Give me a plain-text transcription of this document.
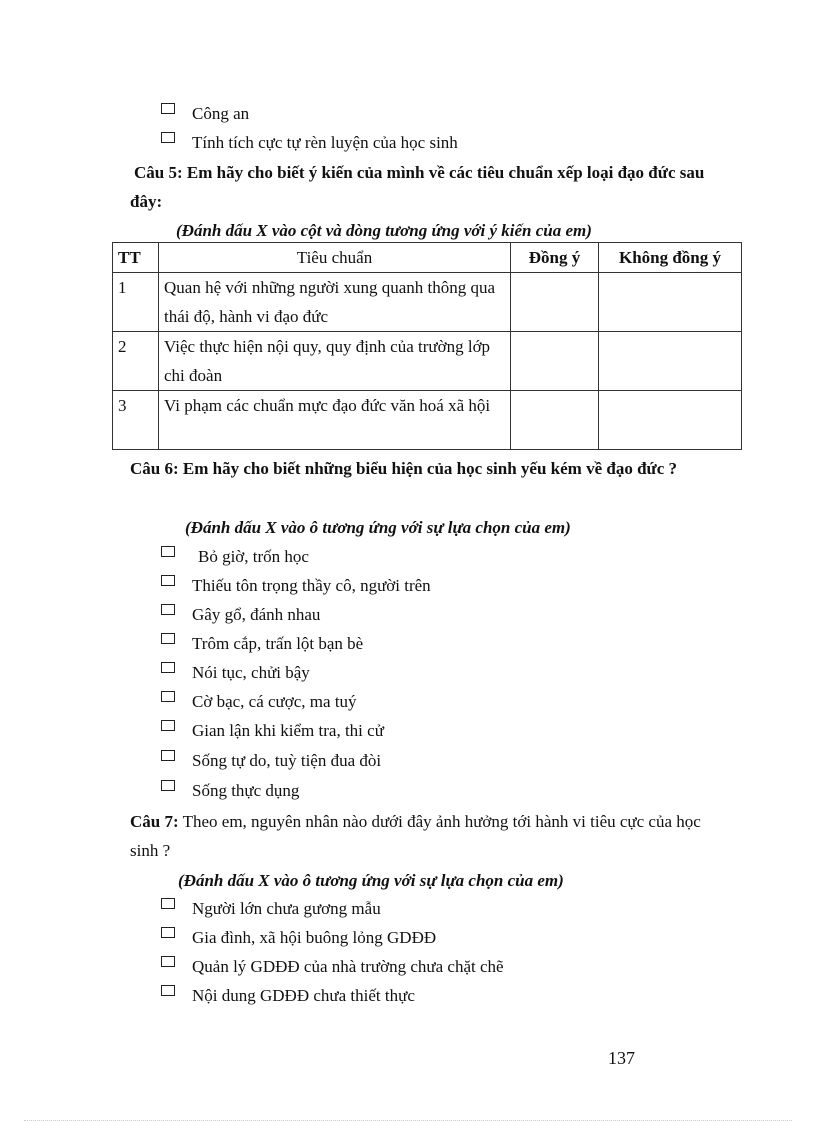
Công an
Tính tích cực tự rèn luyện của học sinh
Câu 5: Em hãy cho biết ý kiến của mình về các tiêu chuẩn xếp loại đạo đức sau đây:
(Đánh dấu X vào cột và dòng tương ứng với ý kiến của em)
TT	Tiêu chuẩn	Đồng ý	Không đồng ý
1	Quan hệ với những người xung quanh thông qua thái độ, hành vi đạo đức		
2	Việc thực hiện nội quy, quy định của trường lớp chi đoàn		
3	Vi phạm các chuẩn mực đạo đức văn hoá xã hội		
Câu 6: Em hãy cho biết những biểu hiện của học sinh yếu kém về đạo đức ?
(Đánh dấu X vào ô tương ứng với sự lựa chọn của em)
Bỏ giờ, trốn học
Thiếu tôn trọng thầy cô, người trên
Gây gổ, đánh nhau
Trôm cắp, trấn lột bạn bè
Nói tục, chửi bậy
Cờ bạc, cá cược, ma tuý
Gian lận khi kiểm tra, thi cử
Sống tự do, tuỳ tiện đua đòi
Sống thực dụng
Câu 7: Theo em, nguyên nhân nào dưới đây ảnh hưởng tới hành vi tiêu cực của học sinh ?
(Đánh dấu X vào ô tương ứng với sự lựa chọn của em)
Người lớn chưa gương mẫu
Gia đình, xã hội buông lỏng GDĐĐ
Quản lý GDĐĐ của nhà trường chưa chặt chẽ
Nội dung GDĐĐ chưa thiết thực
137
